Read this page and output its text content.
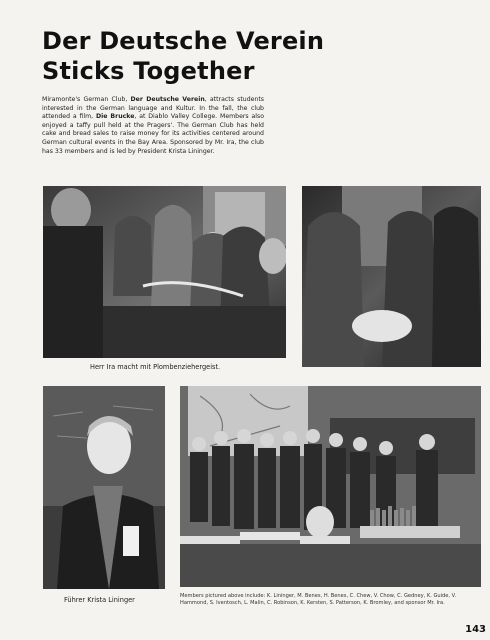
Der Deutsche Verein
Sticks Together

Miramonte's German Club, Der Deutsche Verein, attracts students interested in the German language and Kultur. In the fall, the club attended a film, Die Brucke, at Diablo Valley College. Members also enjoyed a taffy pull held at the Pragers'. The German Club has held cake and bread sales to raise money for its activities centered around German cultural events in the Bay Area. Sponsored by Mr. Ira, the club has 33 members and is led by President Krista Lininger.

Herr Ira macht mit Plombenziehergeist.

Führer Krista Lininger	Members pictured above include: K. Lininger, M. Benes, H. Benes, C. Chew, V. Chow, C. Gedney, K. Guide, V. Hammond, S. Iventosch, L. Malin, C. Robinson, K. Kersten, S. Patterson, K. Bromley, and sponsor Mr. Ira.

143
